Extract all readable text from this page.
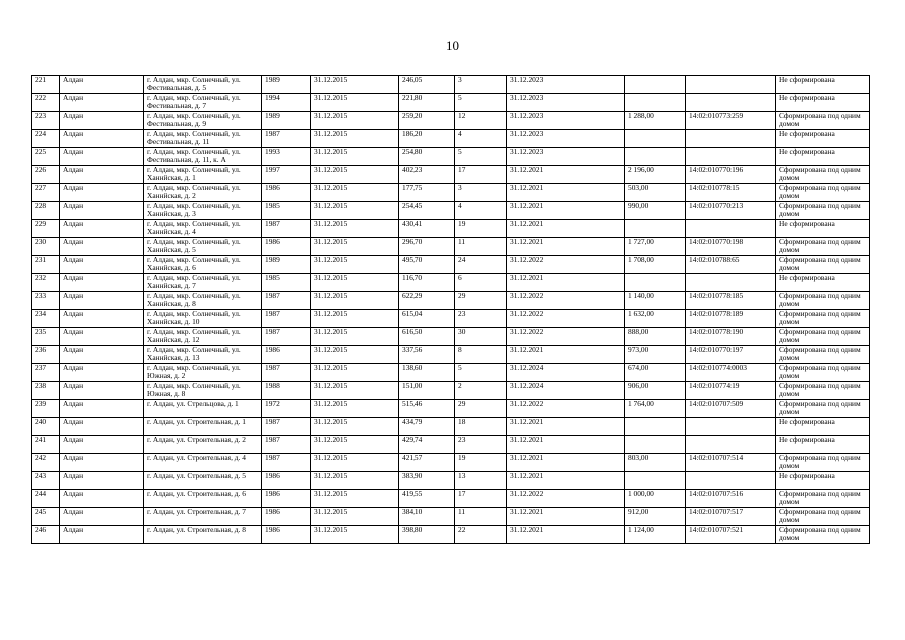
10
221	Алдан	г. Алдан, мкр. Солнечный, ул. Фестивальная, д. 5	1989	31.12.2015	246,05	3	31.12.2023			Не сформирована
222	Алдан	г. Алдан, мкр. Солнечный, ул. Фестивальная, д. 7	1994	31.12.2015	221,80	5	31.12.2023			Не сформирована
223	Алдан	г. Алдан, мкр. Солнечный, ул. Фестивальная, д. 9	1989	31.12.2015	259,20	12	31.12.2023	1 288,00	14:02:010773:259	Сформирована под одним домом
224	Алдан	г. Алдан, мкр. Солнечный, ул. Фестивальная, д. 11	1987	31.12.2015	186,20	4	31.12.2023			Не сформирована
225	Алдан	г. Алдан, мкр. Солнечный, ул. Фестивальная, д. 11, к. А	1993	31.12.2015	254,80	5	31.12.2023			Не сформирована
226	Алдан	г. Алдан, мкр. Солнечный, ул. Ханнйская, д. 1	1997	31.12.2015	402,23	17	31.12.2021	2 196,00	14:02:010770:196	Сформирована под одним домом
227	Алдан	г. Алдан, мкр. Солнечный, ул. Ханнйская, д. 2	1986	31.12.2015	177,75	3	31.12.2021	503,00	14:02:010778:15	Сформирована под одним домом
228	Алдан	г. Алдан, мкр. Солнечный, ул. Ханнйская, д. 3	1985	31.12.2015	254,45	4	31.12.2021	990,00	14:02:010770:213	Сформирована под одним домом
229	Алдан	г. Алдан, мкр. Солнечный, ул. Ханнйская, д. 4	1987	31.12.2015	430,41	19	31.12.2021			Не сформирована
230	Алдан	г. Алдан, мкр. Солнечный, ул. Ханнйская, д. 5	1986	31.12.2015	296,70	11	31.12.2021	1 727,00	14:02:010770:198	Сформирована под одним домом
231	Алдан	г. Алдан, мкр. Солнечный, ул. Ханнйская, д. 6	1989	31.12.2015	495,70	24	31.12.2022	1 708,00	14:02:010788:65	Сформирована под одним домом
232	Алдан	г. Алдан, мкр. Солнечный, ул. Ханнйская, д. 7	1985	31.12.2015	116,70	6	31.12.2021			Не сформирована
233	Алдан	г. Алдан, мкр. Солнечный, ул. Ханнйская, д. 8	1987	31.12.2015	622,29	29	31.12.2022	1 140,00	14:02:010778:185	Сформирована под одним домом
234	Алдан	г. Алдан, мкр. Солнечный, ул. Ханнйская, д. 10	1987	31.12.2015	615,04	23	31.12.2022	1 632,00	14:02:010778:189	Сформирована под одним домом
235	Алдан	г. Алдан, мкр. Солнечный, ул. Ханнйская, д. 12	1987	31.12.2015	616,50	30	31.12.2022	888,00	14:02:010778:190	Сформирована под одним домом
236	Алдан	г. Алдан, мкр. Солнечный, ул. Ханнйская, д. 13	1986	31.12.2015	337,56	8	31.12.2021	973,00	14:02:010770:197	Сформирована под одним домом
237	Алдан	г. Алдан, мкр. Солнечный, ул. Южная, д. 2	1987	31.12.2015	138,60	5	31.12.2024	674,00	14:02:010774:0003	Сформирована под одним домом
238	Алдан	г. Алдан, мкр. Солнечный, ул. Южная, д. 8	1988	31.12.2015	151,00	2	31.12.2024	906,00	14:02:010774:19	Сформирована под одним домом
239	Алдан	г. Алдан, ул. Стрельцова, д. 1	1972	31.12.2015	515,46	29	31.12.2022	1 764,00	14:02:010707:509	Сформирована под одним домом
240	Алдан	г. Алдан, ул. Строительная, д. 1	1987	31.12.2015	434,79	18	31.12.2021			Не сформирована
241	Алдан	г. Алдан, ул. Строительная, д. 2	1987	31.12.2015	429,74	23	31.12.2021			Не сформирована
242	Алдан	г. Алдан, ул. Строительная, д. 4	1987	31.12.2015	421,57	19	31.12.2021	803,00	14:02:010707:514	Сформирована под одним домом
243	Алдан	г. Алдан, ул. Строительная, д. 5	1986	31.12.2015	383,90	13	31.12.2021			Не сформирована
244	Алдан	г. Алдан, ул. Строительная, д. 6	1986	31.12.2015	419,55	17	31.12.2022	1 000,00	14:02:010707:516	Сформирована под одним домом
245	Алдан	г. Алдан, ул. Строительная, д. 7	1986	31.12.2015	384,10	11	31.12.2021	912,00	14:02:010707:517	Сформирована под одним домом
246	Алдан	г. Алдан, ул. Строительная, д. 8	1986	31.12.2015	398,80	22	31.12.2021	1 124,00	14:02:010707:521	Сформирована под одним домом
